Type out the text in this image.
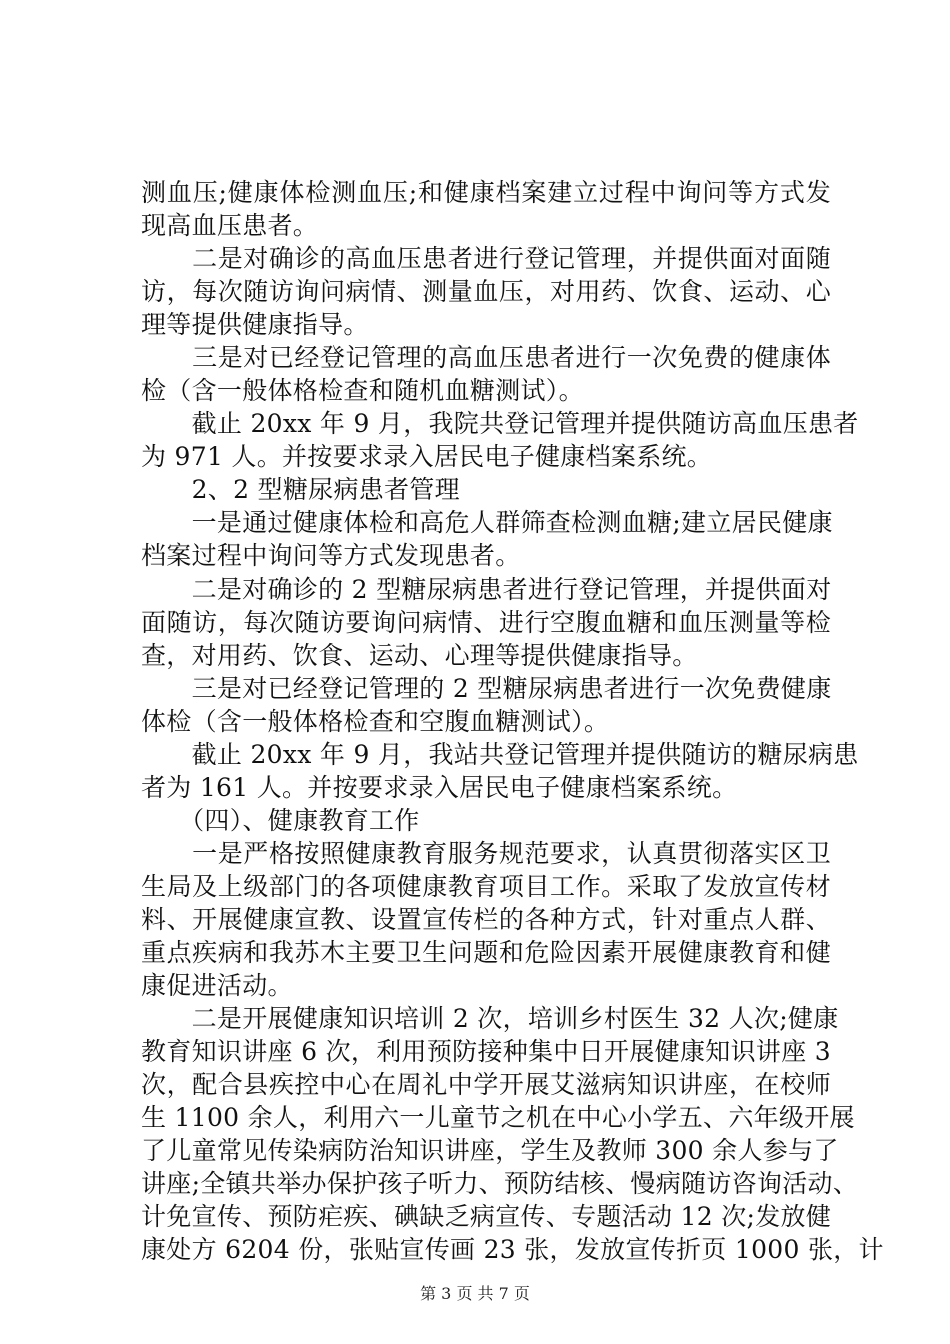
测血压;健康体检测血压;和健康档案建立过程中询问等方式发
现高血压患者。
　　二是对确诊的高血压患者进行登记管理，并提供面对面随
访，每次随访询问病情、测量血压，对用药、饮食、运动、心
理等提供健康指导。
　　三是对已经登记管理的高血压患者进行一次免费的健康体
检（含一般体格检查和随机血糖测试）。
　　截止 20xx 年 9 月，我院共登记管理并提供随访高血压患者
为 971 人。并按要求录入居民电子健康档案系统。
　　2、2 型糖尿病患者管理
　　一是通过健康体检和高危人群筛查检测血糖;建立居民健康
档案过程中询问等方式发现患者。
　　二是对确诊的 2 型糖尿病患者进行登记管理，并提供面对
面随访，每次随访要询问病情、进行空腹血糖和血压测量等检
查，对用药、饮食、运动、心理等提供健康指导。
　　三是对已经登记管理的 2 型糖尿病患者进行一次免费健康
体检（含一般体格检查和空腹血糖测试）。
　　截止 20xx 年 9 月，我站共登记管理并提供随访的糖尿病患
者为 161 人。并按要求录入居民电子健康档案系统。
　　（四）、健康教育工作
　　一是严格按照健康教育服务规范要求，认真贯彻落实区卫
生局及上级部门的各项健康教育项目工作。采取了发放宣传材
料、开展健康宣教、设置宣传栏的各种方式，针对重点人群、
重点疾病和我苏木主要卫生问题和危险因素开展健康教育和健
康促进活动。
　　二是开展健康知识培训 2 次，培训乡村医生 32 人次;健康
教育知识讲座 6 次，利用预防接种集中日开展健康知识讲座 3
次，配合县疾控中心在周礼中学开展艾滋病知识讲座，在校师
生 1100 余人，利用六一儿童节之机在中心小学五、六年级开展
了儿童常见传染病防治知识讲座，学生及教师 300 余人参与了
讲座;全镇共举办保护孩子听力、预防结核、慢病随访咨询活动、
计免宣传、预防疟疾、碘缺乏病宣传、专题活动 12 次;发放健
康处方 6204 份，张贴宣传画 23 张，发放宣传折页 1000 张，计
第 3 页 共 7 页
